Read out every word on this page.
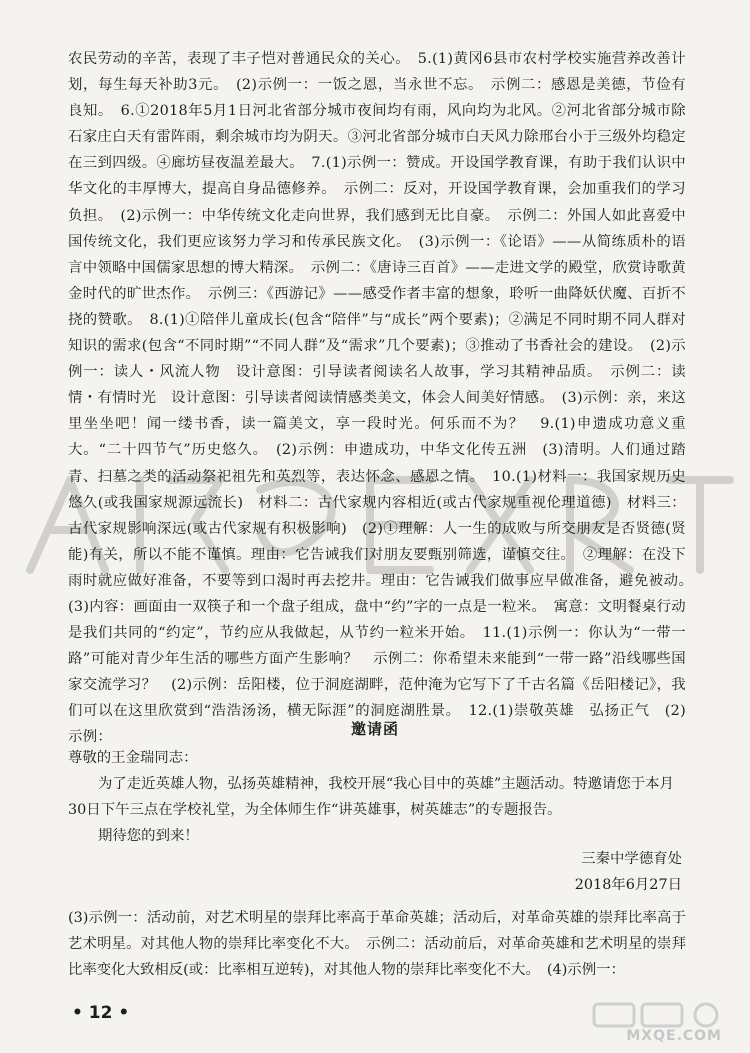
农民劳动的辛苦，表现了丰子恺对普通民众的关心。　5.(1)黄冈6县市农村学校实施营养改善计划，每生每天补助3元。　(2)示例一：一饭之恩，当永世不忘。　示例二：感恩是美德，节俭有良知。　6.①2018年5月1日河北省部分城市夜间均有雨，风向均为北风。②河北省部分城市除石家庄白天有雷阵雨，剩余城市均为阴天。③河北省部分城市白天风力除邢台小于三级外均稳定在三到四级。④廊坊昼夜温差最大。　7.(1)示例一：赞成。开设国学教育课，有助于我们认识中华文化的丰厚博大，提高自身品德修养。　示例二：反对，开设国学教育课，会加重我们的学习负担。　(2)示例一：中华传统文化走向世界，我们感到无比自豪。　示例二：外国人如此喜爱中国传统文化，我们更应该努力学习和传承民族文化。　(3)示例一：《论语》——从简练质朴的语言中领略中国儒家思想的博大精深。　示例二：《唐诗三百首》——走进文学的殿堂，欣赏诗歌黄金时代的旷世杰作。　示例三：《西游记》——感受作者丰富的想象，聆听一曲降妖伏魔、百折不挠的赞歌。　8.(1)①陪伴儿童成长(包含“陪伴”与“成长”两个要素)；②满足不同时期不同人群对知识的需求(包含“不同时期”“不同人群”及“需求”几个要素)；③推动了书香社会的建设。　(2)示例一：读人・风流人物　设计意图：引导读者阅读名人故事，学习其精神品质。　示例二：读情・有情时光　设计意图：引导读者阅读情感类美文，体会人间美好情感。　(3)示例：亲，来这里坐坐吧！闻一缕书香，读一篇美文，享一段时光。何乐而不为？　9.(1)申遗成功意义重大。“二十四节气”历史悠久。　(2)示例：申遗成功，中华文化传五洲　(3)清明。人们通过踏青、扫墓之类的活动祭祀祖先和英烈等，表达怀念、感恩之情。　10.(1)材料一：我国家规历史悠久(或我国家规源远流长)　材料二：古代家规内容相近(或古代家规重视伦理道德)　材料三：古代家规影响深远(或古代家规有积极影响)　(2)①理解：人一生的成败与所交朋友是否贤德(贤能)有关，所以不能不谨慎。理由：它告诫我们对朋友要甄别筛选，谨慎交往。　②理解：在没下雨时就应做好准备，不要等到口渴时再去挖井。理由：它告诫我们做事应早做准备，避免被动。　(3)内容：画面由一双筷子和一个盘子组成，盘中“约”字的一点是一粒米。　寓意：文明餐桌行动是我们共同的“约定”，节约应从我做起，从节约一粒米开始。　11.(1)示例一：你认为“一带一路”可能对青少年生活的哪些方面产生影响？　示例二：你希望未来能到“一带一路”沿线哪些国家交流学习？　(2)示例：岳阳楼，位于洞庭湖畔，范仲淹为它写下了千古名篇《岳阳楼记》，我们可以在这里欣赏到“浩浩汤汤，横无际涯”的洞庭湖胜景。　12.(1)崇敬英雄　弘扬正气　(2)示例：	邀请函
尊敬的王金瑞同志：

为了走近英雄人物，弘扬英雄精神，我校开展“我心目中的英雄”主题活动。特邀请您于本月30日下午三点在学校礼堂，为全体师生作“讲英雄事，树英雄志”的专题报告。

期待您的到来！
三秦中学德育处
2018年6月27日

(3)示例一：活动前，对艺术明星的崇拜比率高于革命英雄；活动后，对革命英雄的崇拜比率高于艺术明星。对其他人物的崇拜比率变化不大。　示例二：活动前后，对革命英雄和艺术明星的崇拜比率变化大致相反(或：比率相互逆转)，对其他人物的崇拜比率变化不大。　(4)示例一：

• 12 •
MXQE.COM
